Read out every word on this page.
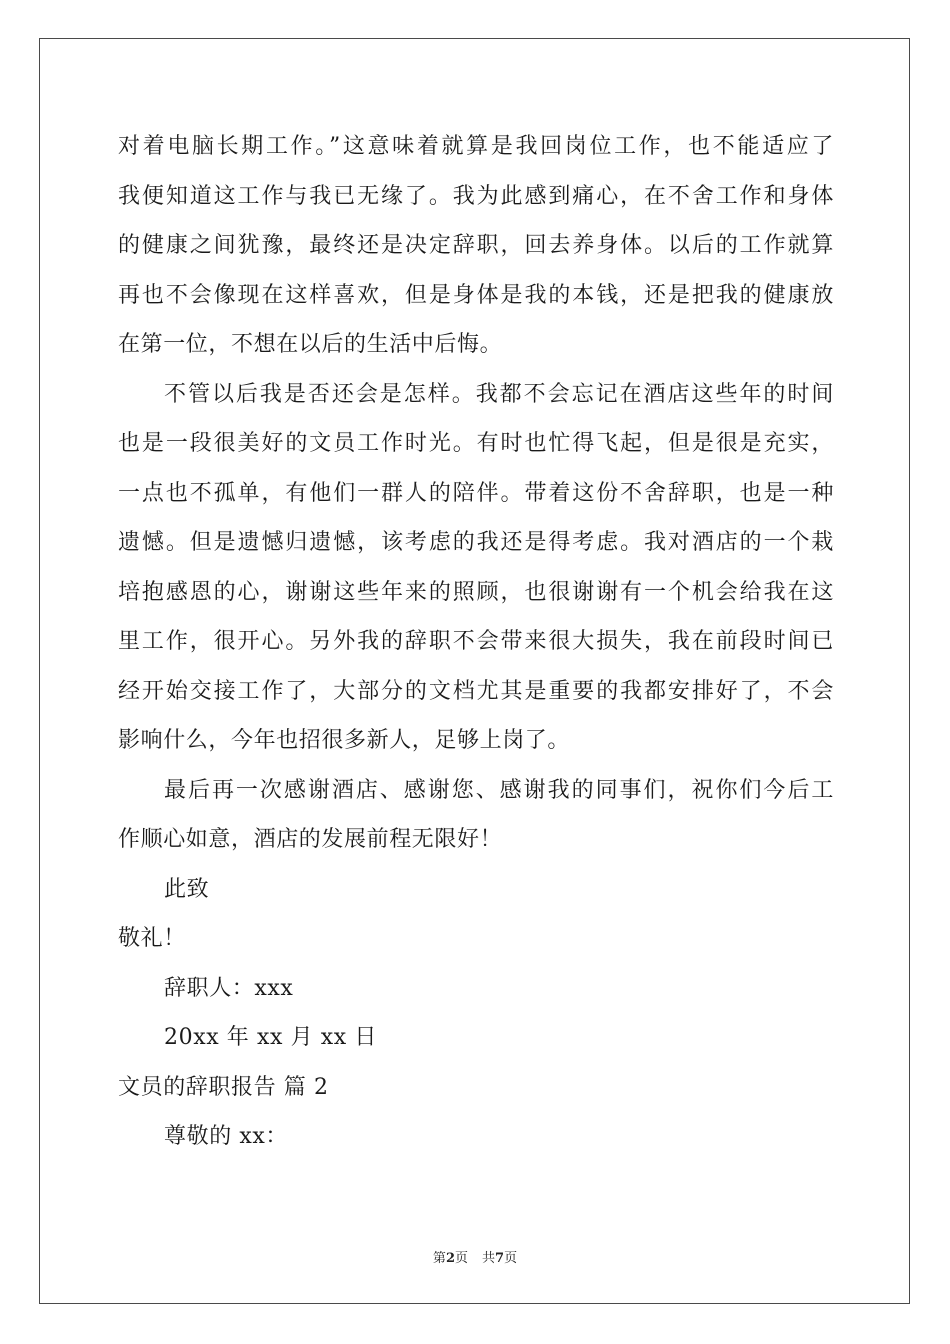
对着电脑长期工作。”这意味着就算是我回岗位工作，也不能适应了
我便知道这工作与我已无缘了。我为此感到痛心，在不舍工作和身体
的健康之间犹豫，最终还是决定辞职，回去养身体。以后的工作就算
再也不会像现在这样喜欢，但是身体是我的本钱，还是把我的健康放
在第一位，不想在以后的生活中后悔。
不管以后我是否还会是怎样。我都不会忘记在酒店这些年的时间
也是一段很美好的文员工作时光。有时也忙得飞起，但是很是充实，
一点也不孤单，有他们一群人的陪伴。带着这份不舍辞职，也是一种
遗憾。但是遗憾归遗憾，该考虑的我还是得考虑。我对酒店的一个栽
培抱感恩的心，谢谢这些年来的照顾，也很谢谢有一个机会给我在这
里工作，很开心。另外我的辞职不会带来很大损失，我在前段时间已
经开始交接工作了，大部分的文档尤其是重要的我都安排好了，不会
影响什么，今年也招很多新人，足够上岗了。
最后再一次感谢酒店、感谢您、感谢我的同事们，祝你们今后工
作顺心如意，酒店的发展前程无限好！
此致
敬礼！
辞职人：xxx
20xx 年 xx 月 xx 日
文员的辞职报告 篇 2
尊敬的 xx：
第2页 共7页
